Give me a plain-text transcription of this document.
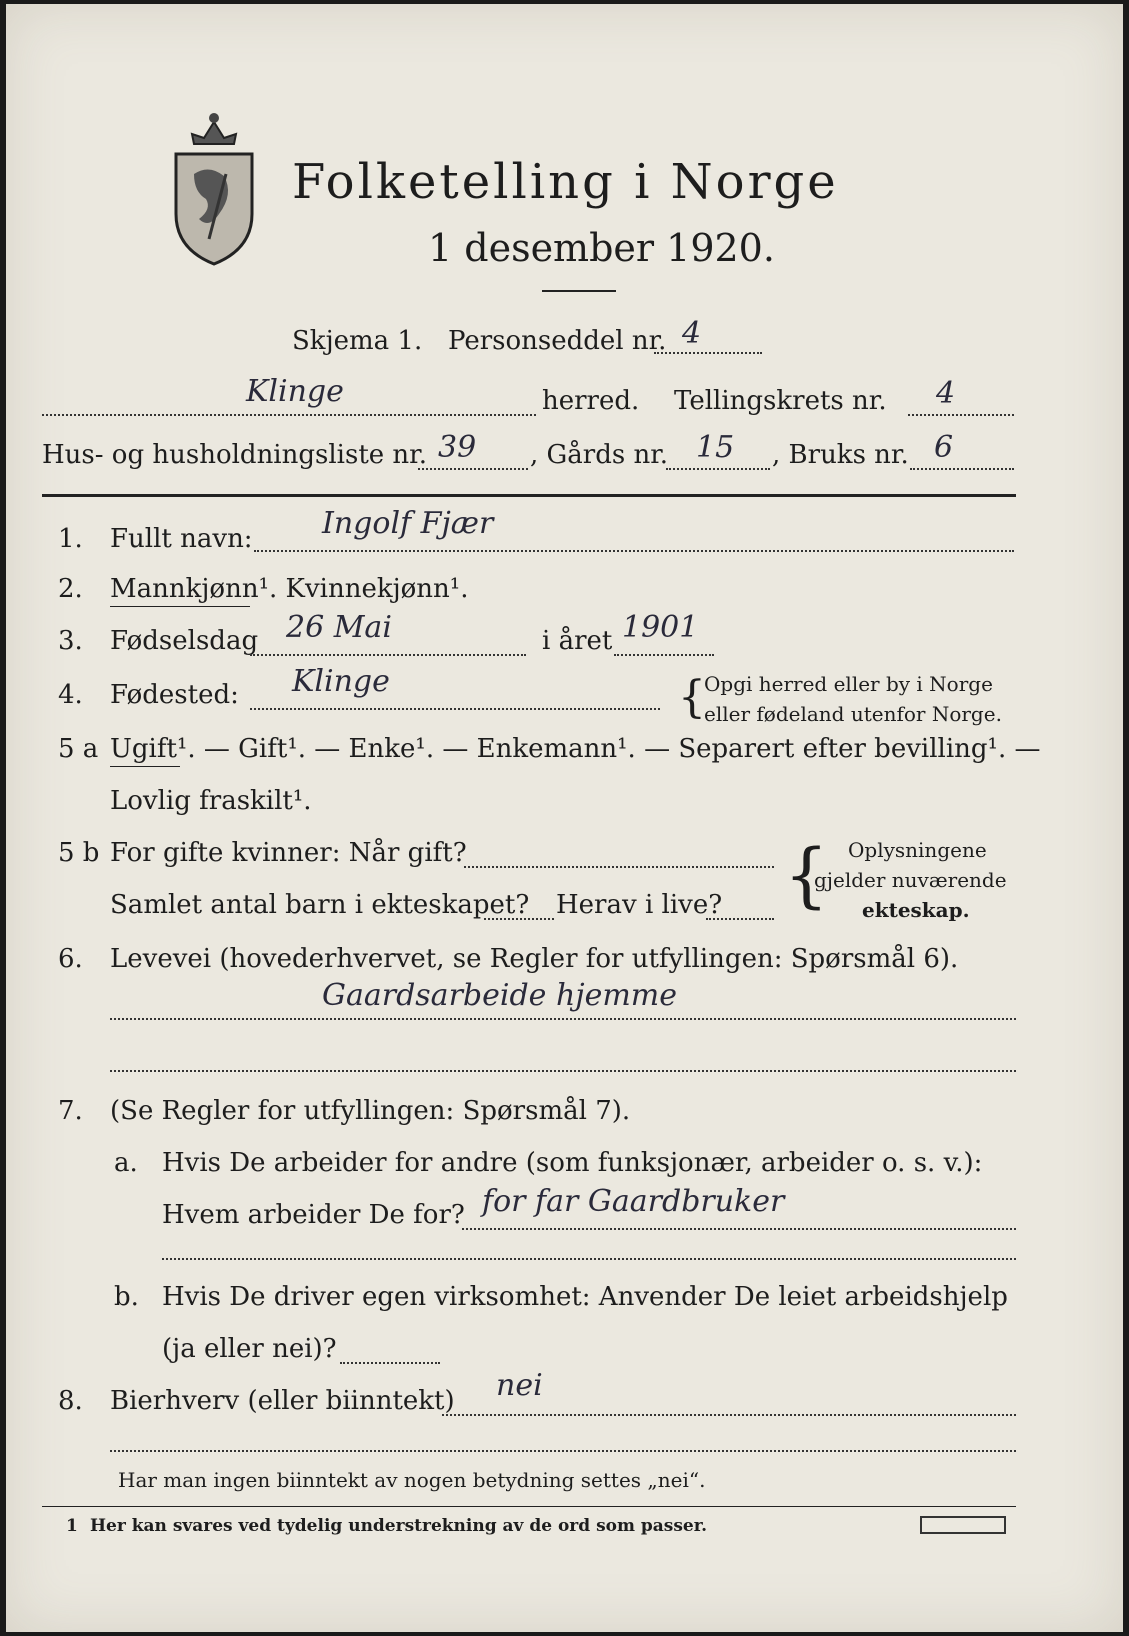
Folketelling i Norge
1 desember 1920.
Skjema 1. Personseddel nr. 4
Klinge	herred. Tellingskrets nr. 4
Hus- og husholdningsliste nr. 39 , Gårds nr. 15 , Bruks nr. 6
1. Fullt navn: Ingolf Fjær
2. Mannkjønn¹. Kvinnekjønn¹.
3. Fødselsdag 26 Mai	i året 1901
4. Fødested: Klinge	{
Opgi herred eller by i Norge
eller fødeland utenfor Norge.
5 a Ugift¹. — Gift¹. — Enke¹. — Enkemann¹. — Separert efter bevilling¹. —
Lovlig fraskilt¹.
5 b For gifte kvinner: Når gift?
Samlet antal barn i ekteskapet? Herav i live? { Oplysningene
gjelder nuværende
ekteskap.
6. Levevei (hovederhvervet, se Regler for utfyllingen: Spørsmål 6).
Gaardsarbeide hjemme
7. (Se Regler for utfyllingen: Spørsmål 7).
a. Hvis De arbeider for andre (som funksjonær, arbeider o. s. v.):
Hvem arbeider De for? for far Gaardbruker
b. Hvis De driver egen virksomhet: Anvender De leiet arbeidshjelp
(ja eller nei)?
8. Bierhverv (eller biinntekt) nei
Har man ingen biinntekt av nogen betydning settes „nei“.
1 Her kan svares ved tydelig understrekning av de ord som passer.
